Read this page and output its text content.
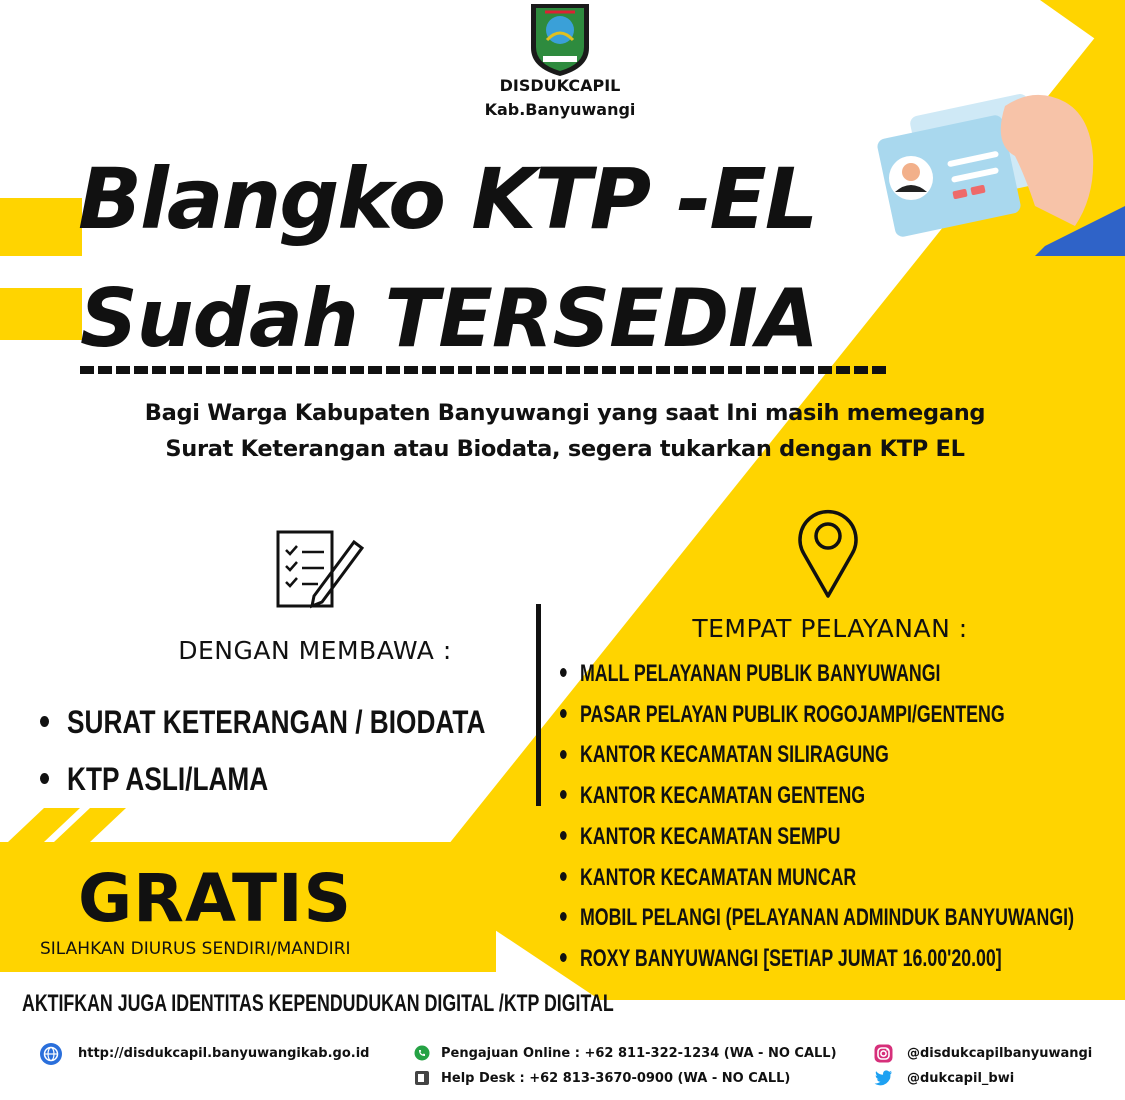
DISDUKCAPIL
Kab.Banyuwangi
Blangko KTP -EL
Sudah TERSEDIA
Bagi Warga Kabupaten Banyuwangi yang saat Ini masih memegang
Surat Keterangan atau Biodata, segera tukarkan dengan KTP EL
DENGAN MEMBAWA :
SURAT KETERANGAN / BIODATA
KTP ASLI/LAMA
TEMPAT PELAYANAN :
MALL PELAYANAN PUBLIK BANYUWANGI
PASAR PELAYAN PUBLIK ROGOJAMPI/GENTENG
KANTOR KECAMATAN SILIRAGUNG
KANTOR KECAMATAN GENTENG
KANTOR KECAMATAN SEMPU
KANTOR KECAMATAN MUNCAR
MOBIL PELANGI (PELAYANAN ADMINDUK BANYUWANGI)
ROXY BANYUWANGI [SETIAP JUMAT 16.00'20.00]
GRATIS
SILAHKAN DIURUS SENDIRI/MANDIRI
AKTIFKAN JUGA IDENTITAS KEPENDUDUKAN DIGITAL /KTP DIGITAL
http://disdukcapil.banyuwangikab.go.id	Pengajuan Online : +62 811-322-1234 (WA - NO CALL)
Help Desk : +62 813-3670-0900 (WA - NO CALL)
@disdukcapilbanyuwangi
@dukcapil_bwi
